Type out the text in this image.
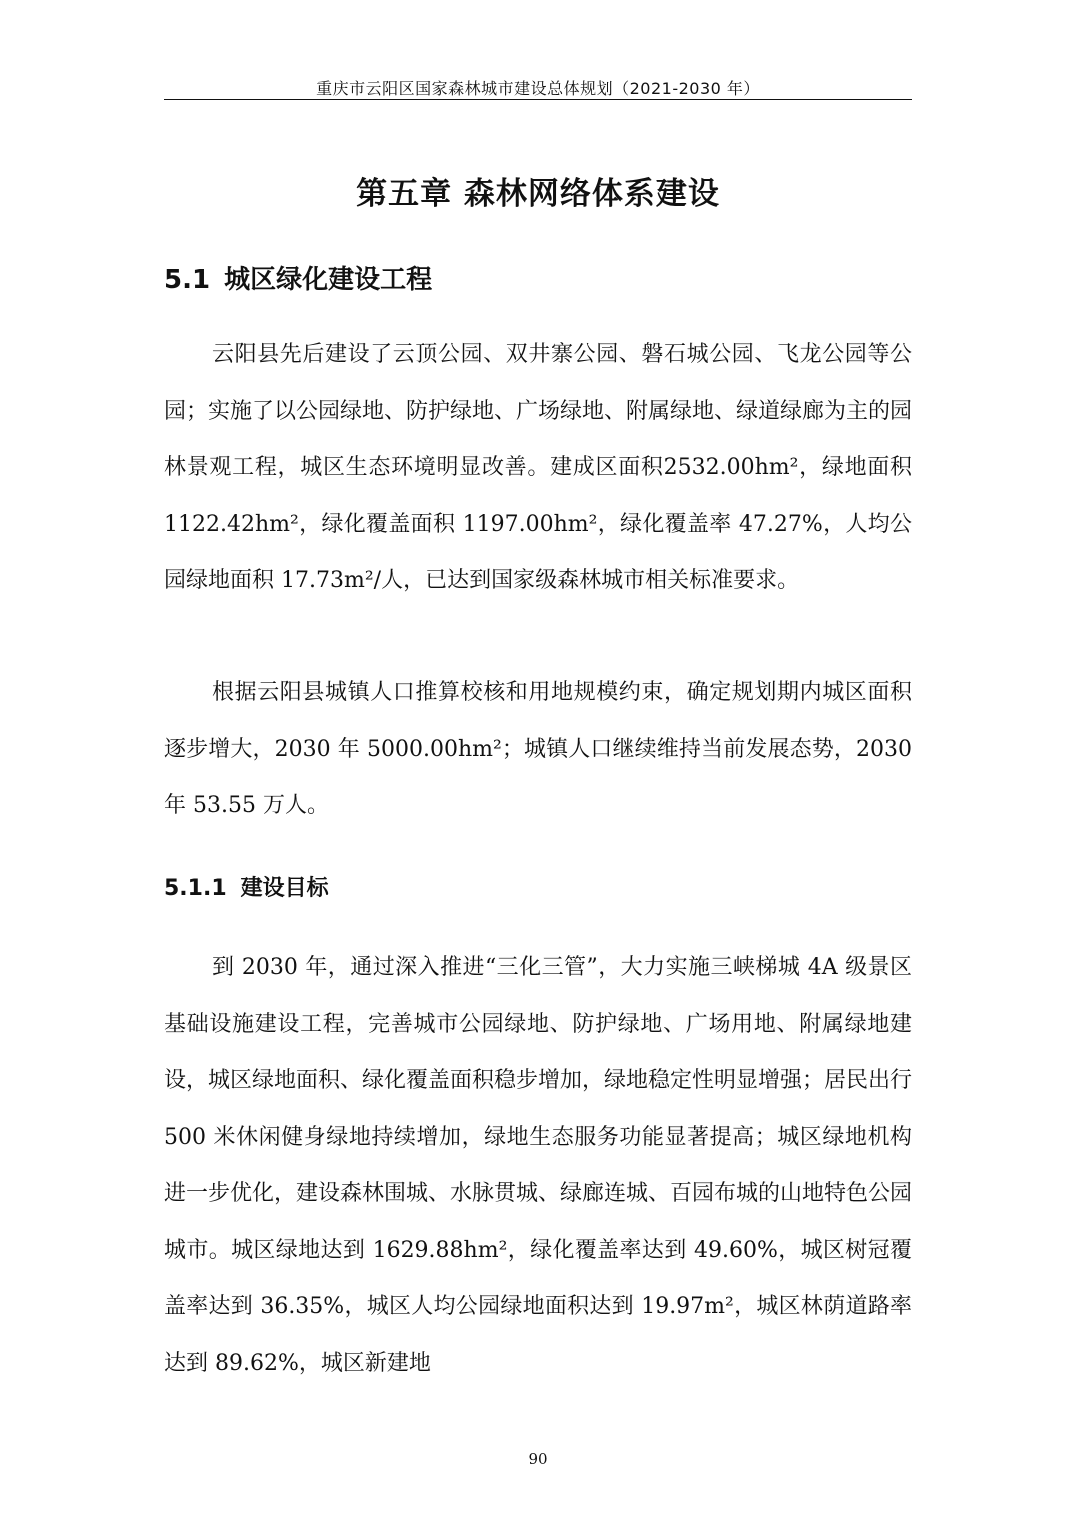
重庆市云阳区国家森林城市建设总体规划（2021-2030 年）
第五章 森林网络体系建设
5.1 城区绿化建设工程

云阳县先后建设了云顶公园、双井寨公园、磐石城公园、飞龙公园等公园；实施了以公园绿地、防护绿地、广场绿地、附属绿地、绿道绿廊为主的园林景观工程，城区生态环境明显改善。建成区面积2532.00hm²，绿地面积 1122.42hm²，绿化覆盖面积 1197.00hm²，绿化覆盖率 47.27%，人均公园绿地面积 17.73m²/人，已达到国家级森林城市相关标准要求。

根据云阳县城镇人口推算校核和用地规模约束，确定规划期内城区面积逐步增大，2030 年 5000.00hm²；城镇人口继续维持当前发展态势，2030 年 53.55 万人。

5.1.1 建设目标

到 2030 年，通过深入推进“三化三管”，大力实施三峡梯城 4A 级景区基础设施建设工程，完善城市公园绿地、防护绿地、广场用地、附属绿地建设，城区绿地面积、绿化覆盖面积稳步增加，绿地稳定性明显增强；居民出行 500 米休闲健身绿地持续增加，绿地生态服务功能显著提高；城区绿地机构进一步优化，建设森林围城、水脉贯城、绿廊连城、百园布城的山地特色公园城市。城区绿地达到 1629.88hm²，绿化覆盖率达到 49.60%，城区树冠覆盖率达到 36.35%，城区人均公园绿地面积达到 19.97m²，城区林荫道路率达到 89.62%，城区新建地

90
